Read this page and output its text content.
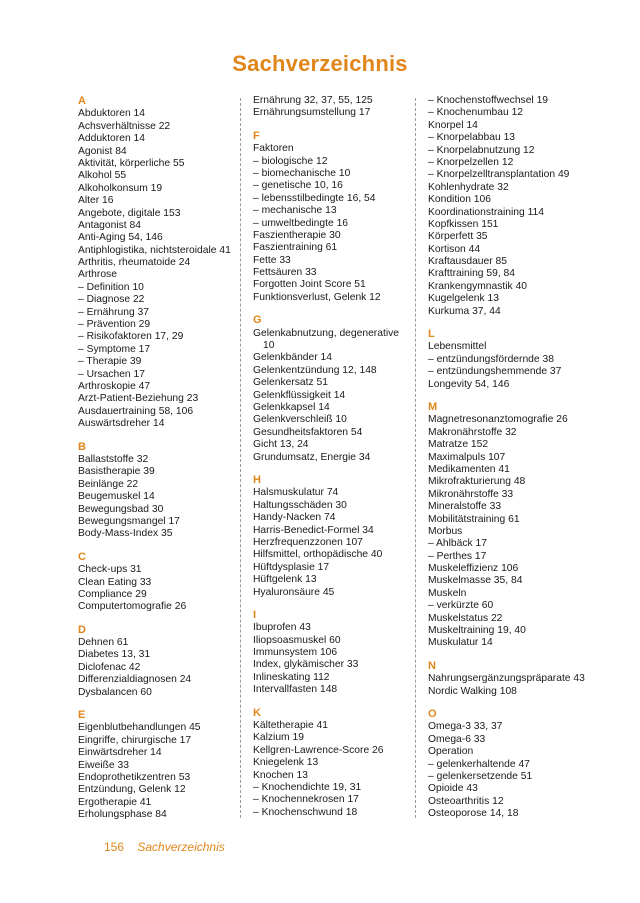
Sachverzeichnis
A
Abduktoren 14
Achsverhältnisse 22
Adduktoren 14
Agonist 84
Aktivität, körperliche 55
Alkohol 55
Alkoholkonsum 19
Alter 16
Angebote, digitale 153
Antagonist 84
Anti-Aging 54, 146
Antiphlogistika, nichtsteroidale 41
Arthritis, rheumatoide 24
Arthrose
– Definition 10
– Diagnose 22
– Ernährung 37
– Prävention 29
– Risikofaktoren 17, 29
– Symptome 17
– Therapie 39
– Ursachen 17
Arthroskopie 47
Arzt-Patient-Beziehung 23
Ausdauertraining 58, 106
Auswärtsdreher 14
B
Ballaststoffe 32
Basistherapie 39
Beinlänge 22
Beugemuskel 14
Bewegungsbad 30
Bewegungsmangel 17
Body-Mass-Index 35
C
Check-ups 31
Clean Eating 33
Compliance 29
Computertomografie 26
D
Dehnen 61
Diabetes 13, 31
Diclofenac 42
Differenzialdiagnosen 24
Dysbalancen 60
E
Eigenblutbehandlungen 45
Eingriffe, chirurgische 17
Einwärtsdreher 14
Eiweiße 33
Endoprothetikzentren 53
Entzündung, Gelenk 12
Ergotherapie 41
Erholungsphase 84
Ernährung 32, 37, 55, 125
Ernährungsumstellung 17
F
Faktoren
– biologische 12
– biomechanische 10
– genetische 10, 16
– lebensstilbedingte 16, 54
– mechanische 13
– umweltbedingte 16
Faszientherapie 30
Faszientraining 61
Fette 33
Fettsäuren 33
Forgotten Joint Score 51
Funktionsverlust, Gelenk 12
G
Gelenkabnutzung, degenerative
10
Gelenkbänder 14
Gelenkentzündung 12, 148
Gelenkersatz 51
Gelenkflüssigkeit 14
Gelenkkapsel 14
Gelenkverschleiß 10
Gesundheitsfaktoren 54
Gicht 13, 24
Grundumsatz, Energie 34
H
Halsmuskulatur 74
Haltungsschäden 30
Handy-Nacken 74
Harris-Benedict-Formel 34
Herzfrequenzzonen 107
Hilfsmittel, orthopädische 40
Hüftdysplasie 17
Hüftgelenk 13
Hyaluronsäure 45
I
Ibuprofen 43
Iliopsoasmuskel 60
Immunsystem 106
Index, glykämischer 33
Inlineskating 112
Intervallfasten 148
K
Kältetherapie 41
Kalzium 19
Kellgren-Lawrence-Score 26
Kniegelenk 13
Knochen 13
– Knochendichte 19, 31
– Knochennekrosen 17
– Knochenschwund 18
– Knochenstoffwechsel 19
– Knochenumbau 12
Knorpel 14
– Knorpelabbau 13
– Knorpelabnutzung 12
– Knorpelzellen 12
– Knorpelzelltransplantation 49
Kohlenhydrate 32
Kondition 106
Koordinationstraining 114
Kopfkissen 151
Körperfett 35
Kortison 44
Kraftausdauer 85
Krafttraining 59, 84
Krankengymnastik 40
Kugelgelenk 13
Kurkuma 37, 44
L
Lebensmittel
– entzündungsfördernde 38
– entzündungshemmende 37
Longevity 54, 146
M
Magnetresonanztomografie 26
Makronährstoffe 32
Matratze 152
Maximalpuls 107
Medikamenten 41
Mikrofrakturierung 48
Mikronährstoffe 33
Mineralstoffe 33
Mobilitätstraining 61
Morbus
– Ahlbäck 17
– Perthes 17
Muskeleffizienz 106
Muskelmasse 35, 84
Muskeln
– verkürzte 60
Muskelstatus 22
Muskeltraining 19, 40
Muskulatur 14
N
Nahrungsergänzungspräparate 43
Nordic Walking 108
O
Omega-3 33, 37
Omega-6 33
Operation
– gelenkerhaltende 47
– gelenkersetzende 51
Opioide 43
Osteoarthritis 12
Osteoporose 14, 18
156 Sachverzeichnis
